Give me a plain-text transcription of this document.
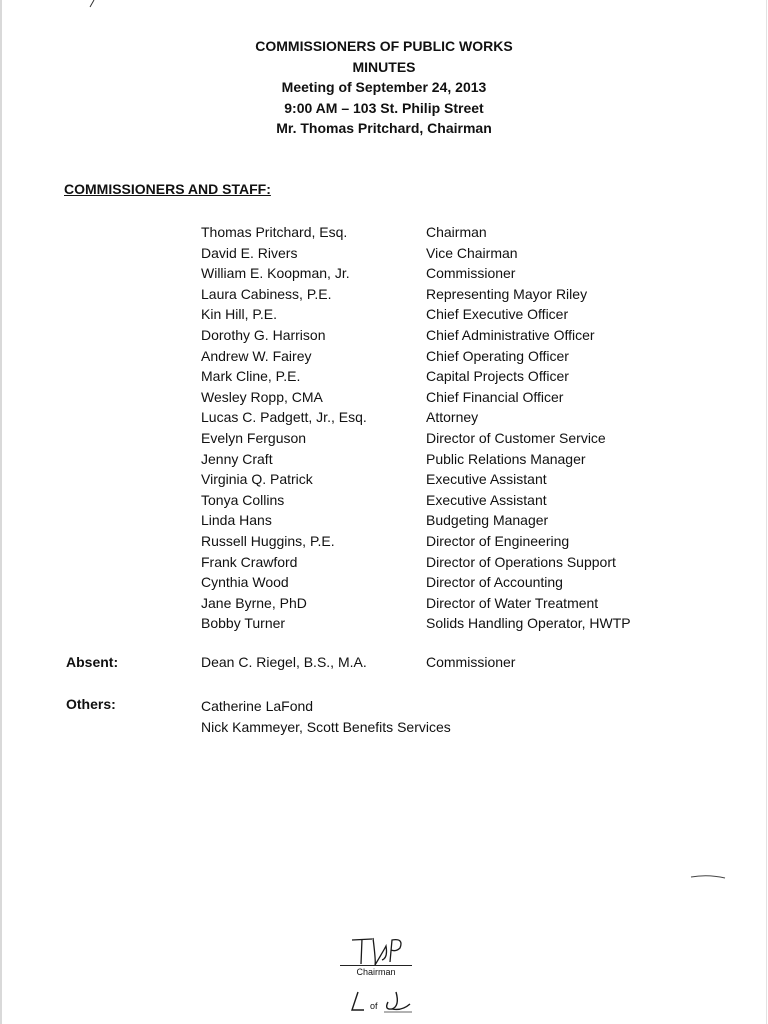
COMMISSIONERS OF PUBLIC WORKS
MINUTES
Meeting of September 24, 2013
9:00 AM – 103 St. Philip Street
Mr. Thomas Pritchard, Chairman
COMMISSIONERS AND STAFF:
Thomas Pritchard, Esq.	Chairman
David E. Rivers	Vice Chairman
William E. Koopman, Jr.	Commissioner
Laura Cabiness, P.E.	Representing Mayor Riley
Kin Hill, P.E.	Chief Executive Officer
Dorothy G. Harrison	Chief Administrative Officer
Andrew W. Fairey	Chief Operating Officer
Mark Cline, P.E.	Capital Projects Officer
Wesley Ropp, CMA	Chief Financial Officer
Lucas C. Padgett, Jr., Esq.	Attorney
Evelyn Ferguson	Director of Customer Service
Jenny Craft	Public Relations Manager
Virginia Q. Patrick	Executive Assistant
Tonya Collins	Executive Assistant
Linda Hans	Budgeting Manager
Russell Huggins, P.E.	Director of Engineering
Frank Crawford	Director of Operations Support
Cynthia Wood	Director of Accounting
Jane Byrne, PhD	Director of Water Treatment
Bobby Turner	Solids Handling Operator, HWTP
Absent:	Dean C. Riegel, B.S., M.A.	Commissioner
Others:	Catherine LaFond
Nick Kammeyer, Scott Benefits Services
Chairman
of
